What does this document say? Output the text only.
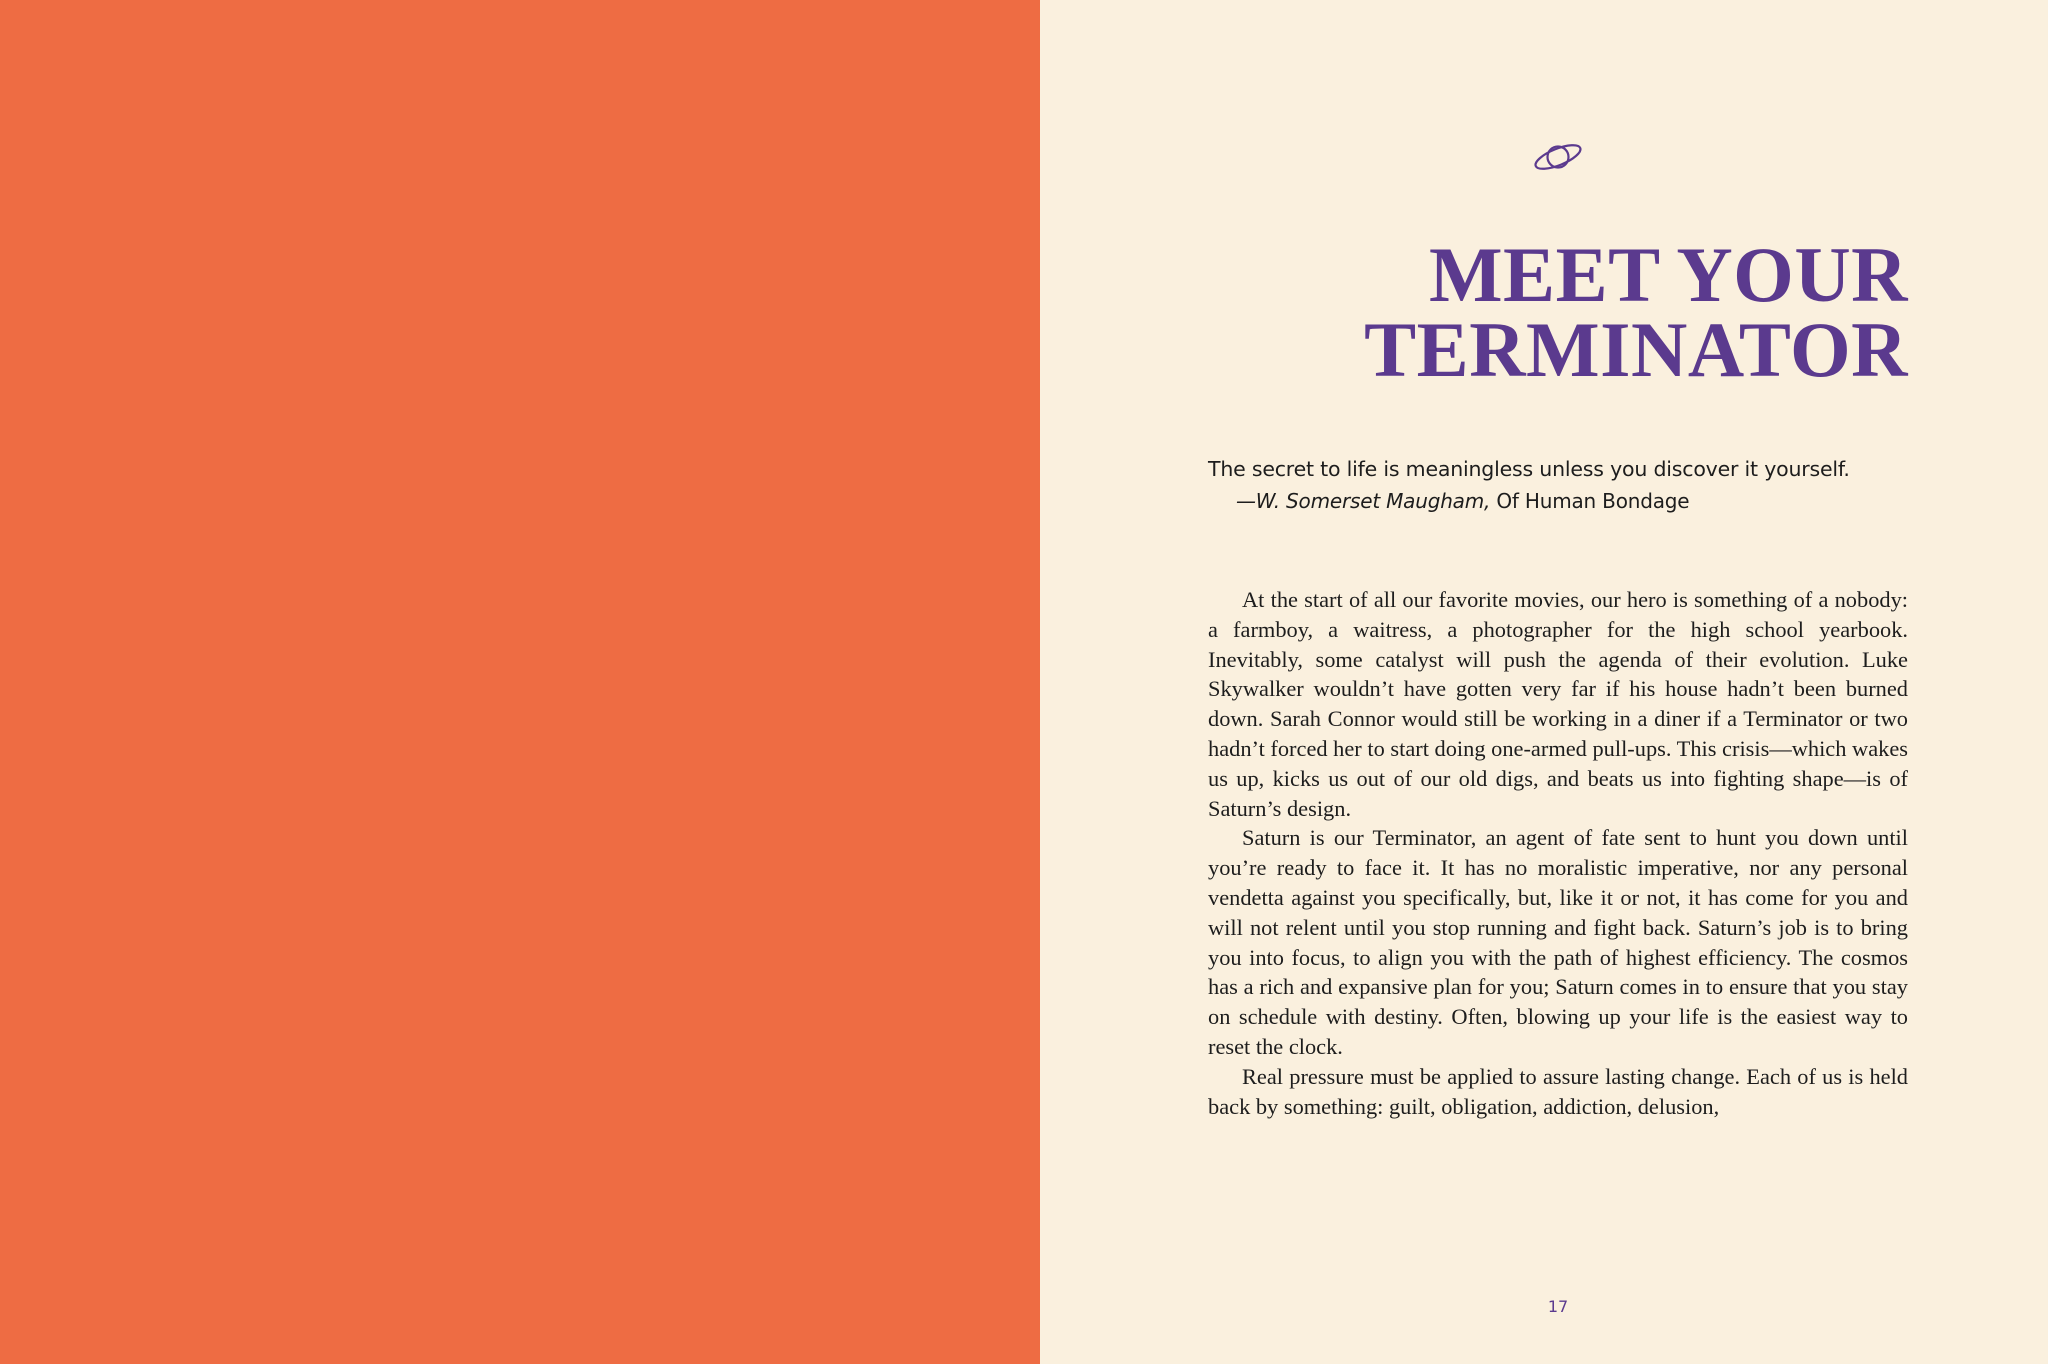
MEET YOUR
TERMINATOR
The secret to life is meaningless unless you discover it yourself.
—W. Somerset Maugham, Of Human Bondage

At the start of all our favorite movies, our hero is something of a nobody: a farmboy, a waitress, a photographer for the high school yearbook. Inevitably, some catalyst will push the agenda of their evolution. Luke Skywalker wouldn’t have gotten very far if his house hadn’t been burned down. Sarah Connor would still be working in a diner if a Terminator or two hadn’t forced her to start doing one-armed pull-ups. This crisis—which wakes us up, kicks us out of our old digs, and beats us into fighting shape—is of Saturn’s design.

Saturn is our Terminator, an agent of fate sent to hunt you down until you’re ready to face it. It has no moralistic imperative, nor any personal vendetta against you specifically, but, like it or not, it has come for you and will not relent until you stop running and fight back. Saturn’s job is to bring you into focus, to align you with the path of highest efficiency. The cosmos has a rich and expansive plan for you; Saturn comes in to ensure that you stay on schedule with destiny. Often, blowing up your life is the easiest way to reset the clock.

Real pressure must be applied to assure lasting change. Each of us is held back by something: guilt, obligation, addiction, delusion,

17
